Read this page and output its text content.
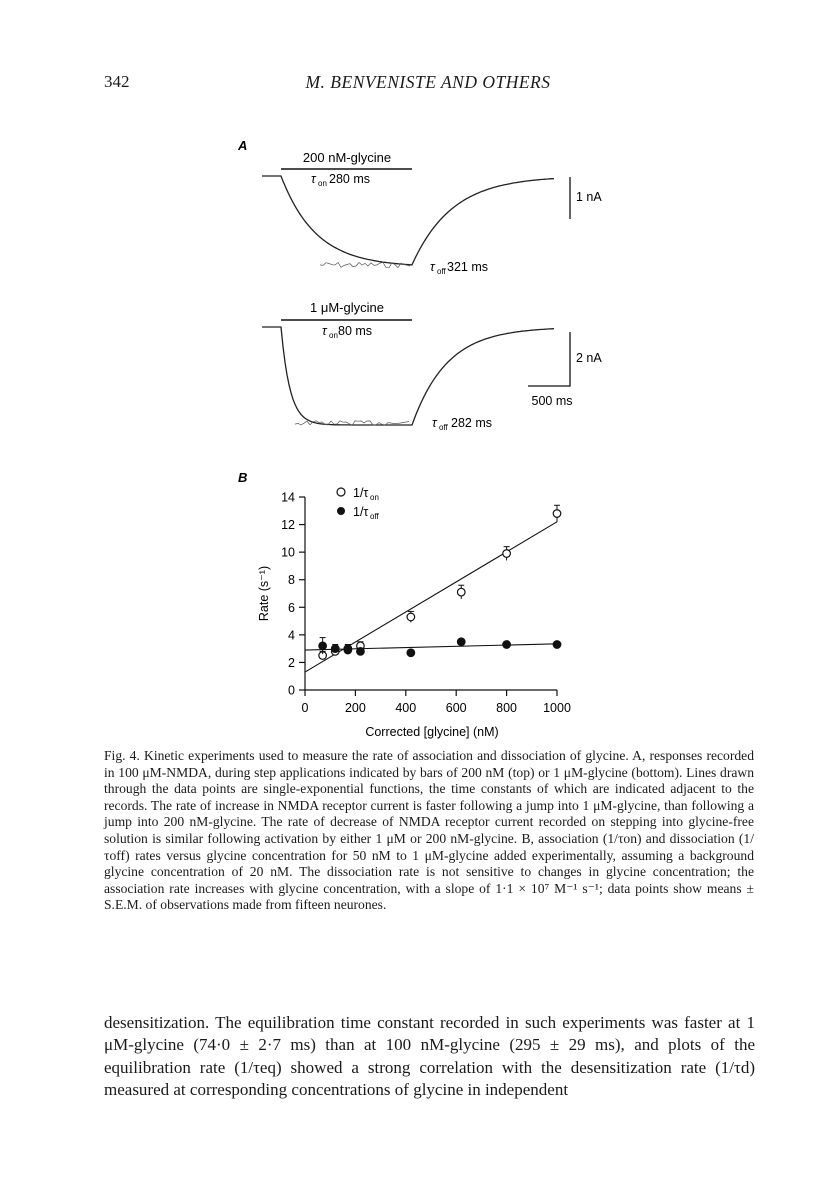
342	M. BENVENISTE AND OTHERS
A
200 nM-glycine
τ on 280 ms
τ off 321 ms
1 nA
1 μM-glycine
τ on 80 ms
τ off 282 ms
2 nA
500 ms
B
1/τ on
1/τ off
0
2
4
6
8
10
12
14
0	200 400 600 800 1000
Rate (s⁻¹)
Corrected [glycine] (nM)
Fig. 4. Kinetic experiments used to measure the rate of association and dissociation of glycine. A, responses recorded in 100 μM-NMDA, during step applications indicated by bars of 200 nM (top) or 1 μM-glycine (bottom). Lines drawn through the data points are single-exponential functions, the time constants of which are indicated adjacent to the records. The rate of increase in NMDA receptor current is faster following a jump into 1 μM-glycine, than following a jump into 200 nM-glycine. The rate of decrease of NMDA receptor current recorded on stepping into glycine-free solution is similar following activation by either 1 μM or 200 nM-glycine. B, association (1/τon) and dissociation (1/τoff) rates versus glycine concentration for 50 nM to 1 μM-glycine added experimentally, assuming a background glycine concentration of 20 nM. The dissociation rate is not sensitive to changes in glycine concentration; the association rate increases with glycine concentration, with a slope of 1·1 × 10⁷ M⁻¹ s⁻¹; data points show means ± S.E.M. of observations made from fifteen neurones.
desensitization. The equilibration time constant recorded in such experiments was faster at 1 μM-glycine (74·0 ± 2·7 ms) than at 100 nM-glycine (295 ± 29 ms), and plots of the equilibration rate (1/τeq) showed a strong correlation with the desensitization rate (1/τd) measured at corresponding concentrations of glycine in independent
